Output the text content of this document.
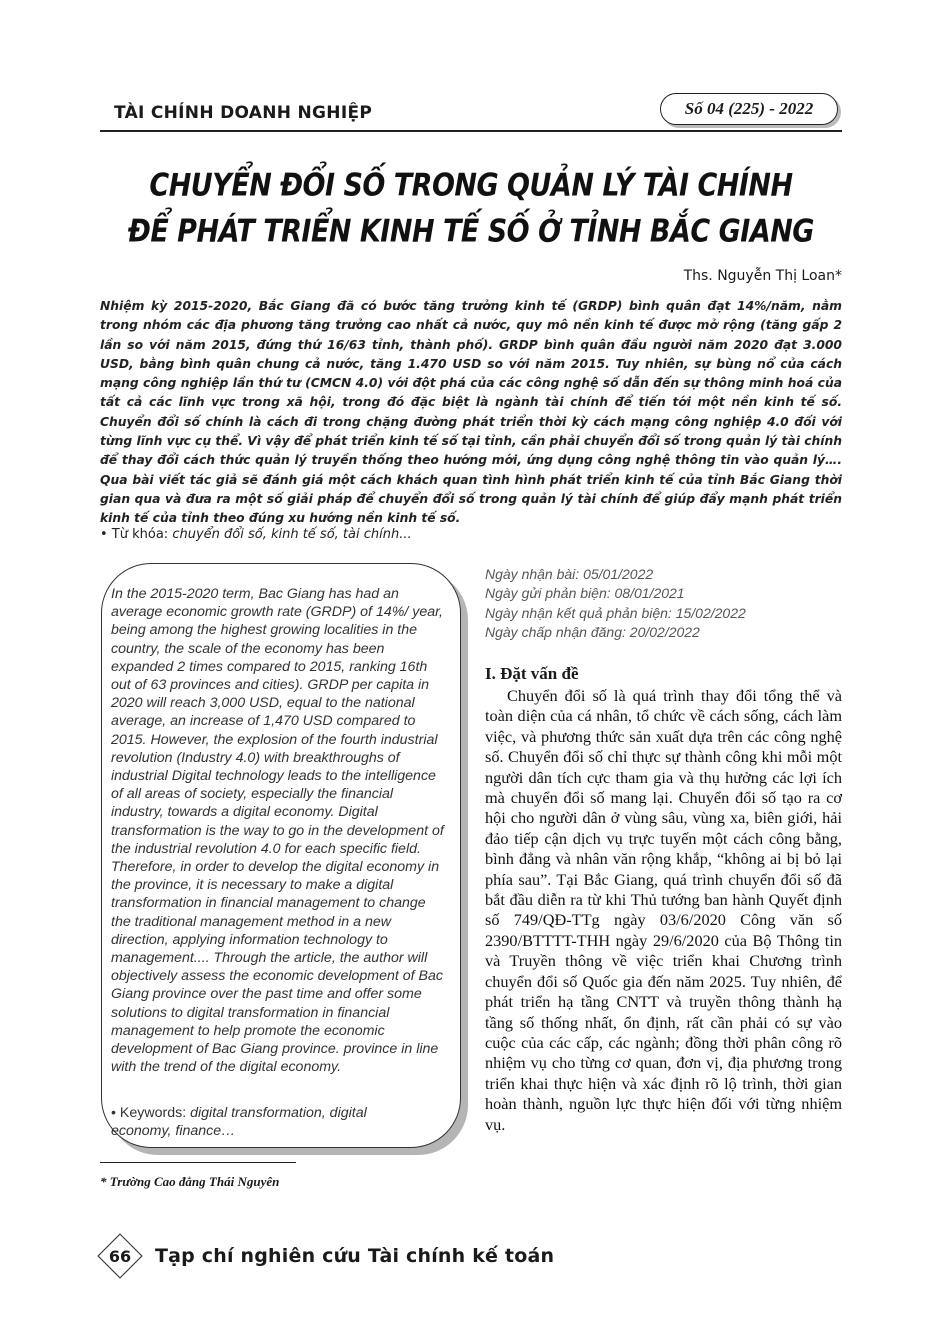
TÀI CHÍNH DOANH NGHIỆP	Số 04 (225) - 2022
CHUYỂN ĐỔI SỐ TRONG QUẢN LÝ TÀI CHÍNH
ĐỂ PHÁT TRIỂN KINH TẾ SỐ Ở TỈNH BẮC GIANG
Ths. Nguyễn Thị Loan*
Nhiệm kỳ 2015-2020, Bắc Giang đã có bước tăng trưởng kinh tế (GRDP) bình quân đạt 14%/năm, nằm trong nhóm các địa phương tăng trưởng cao nhất cả nước, quy mô nền kinh tế được mở rộng (tăng gấp 2 lần so với năm 2015, đứng thứ 16/63 tỉnh, thành phố). GRDP bình quân đầu người năm 2020 đạt 3.000 USD, bằng bình quân chung cả nước, tăng 1.470 USD so với năm 2015. Tuy nhiên, sự bùng nổ của cách mạng công nghiệp lần thứ tư (CMCN 4.0) với đột phá của các công nghệ số dẫn đến sự thông minh hoá của tất cả các lĩnh vực trong xã hội, trong đó đặc biệt là ngành tài chính để tiến tới một nền kinh tế số. Chuyển đổi số chính là cách đi trong chặng đường phát triển thời kỳ cách mạng công nghiệp 4.0 đối với từng lĩnh vực cụ thể. Vì vậy để phát triển kinh tế số tại tỉnh, cần phải chuyển đổi số trong quản lý tài chính để thay đổi cách thức quản lý truyền thống theo hướng mới, ứng dụng công nghệ thông tin vào quản lý…. Qua bài viết tác giả sẽ đánh giá một cách khách quan tình hình phát triển kinh tế của tỉnh Bắc Giang thời gian qua và đưa ra một số giải pháp để chuyển đổi số trong quản lý tài chính để giúp đẩy mạnh phát triển kinh tế của tỉnh theo đúng xu hướng nền kinh tế số.
• Từ khóa: chuyển đổi số, kinh tế số, tài chính...
In the 2015-2020 term, Bac Giang has had an average economic growth rate (GRDP) of 14%/ year, being among the highest growing localities in the country, the scale of the economy has been expanded 2 times compared to 2015, ranking 16th out of 63 provinces and cities). GRDP per capita in 2020 will reach 3,000 USD, equal to the national average, an increase of 1,470 USD compared to 2015. However, the explosion of the fourth industrial revolution (Industry 4.0) with breakthroughs of industrial Digital technology leads to the intelligence of all areas of society, especially the financial industry, towards a digital economy. Digital transformation is the way to go in the development of the industrial revolution 4.0 for each specific field. Therefore, in order to develop the digital economy in the province, it is necessary to make a digital transformation in financial management to change the traditional management method in a new direction, applying information technology to management.... Through the article, the author will objectively assess the economic development of Bac Giang province over the past time and offer some solutions to digital transformation in financial management to help promote the economic development of Bac Giang province. province in line with the trend of the digital economy.
• Keywords: digital transformation, digital economy, finance…
Ngày nhận bài: 05/01/2022
Ngày gửi phản biện: 08/01/2021
Ngày nhận kết quả phản biện: 15/02/2022
Ngày chấp nhận đăng: 20/02/2022
I. Đặt vấn đề
Chuyển đổi số là quá trình thay đổi tổng thể và toàn diện của cá nhân, tổ chức về cách sống, cách làm việc, và phương thức sản xuất dựa trên các công nghệ số. Chuyển đổi số chỉ thực sự thành công khi mỗi một người dân tích cực tham gia và thụ hưởng các lợi ích mà chuyển đổi số mang lại. Chuyển đổi số tạo ra cơ hội cho người dân ở vùng sâu, vùng xa, biên giới, hải đảo tiếp cận dịch vụ trực tuyến một cách công bằng, bình đẳng và nhân văn rộng khắp, “không ai bị bỏ lại phía sau”. Tại Bắc Giang, quá trình chuyển đổi số đã bắt đầu diễn ra từ khi Thủ tướng ban hành Quyết định số 749/QĐ-TTg ngày 03/6/2020 Công văn số 2390/BTTTT-THH ngày 29/6/2020 của Bộ Thông tin và Truyền thông về việc triển khai Chương trình chuyển đổi số Quốc gia đến năm 2025. Tuy nhiên, để phát triển hạ tầng CNTT và truyền thông thành hạ tầng số thống nhất, ổn định, rất cần phải có sự vào cuộc của các cấp, các ngành; đồng thời phân công rõ nhiệm vụ cho từng cơ quan, đơn vị, địa phương trong triển khai thực hiện và xác định rõ lộ trình, thời gian hoàn thành, nguồn lực thực hiện đối với từng nhiệm vụ.
* Trường Cao đẳng Thái Nguyên
66 Tạp chí nghiên cứu Tài chính kế toán
